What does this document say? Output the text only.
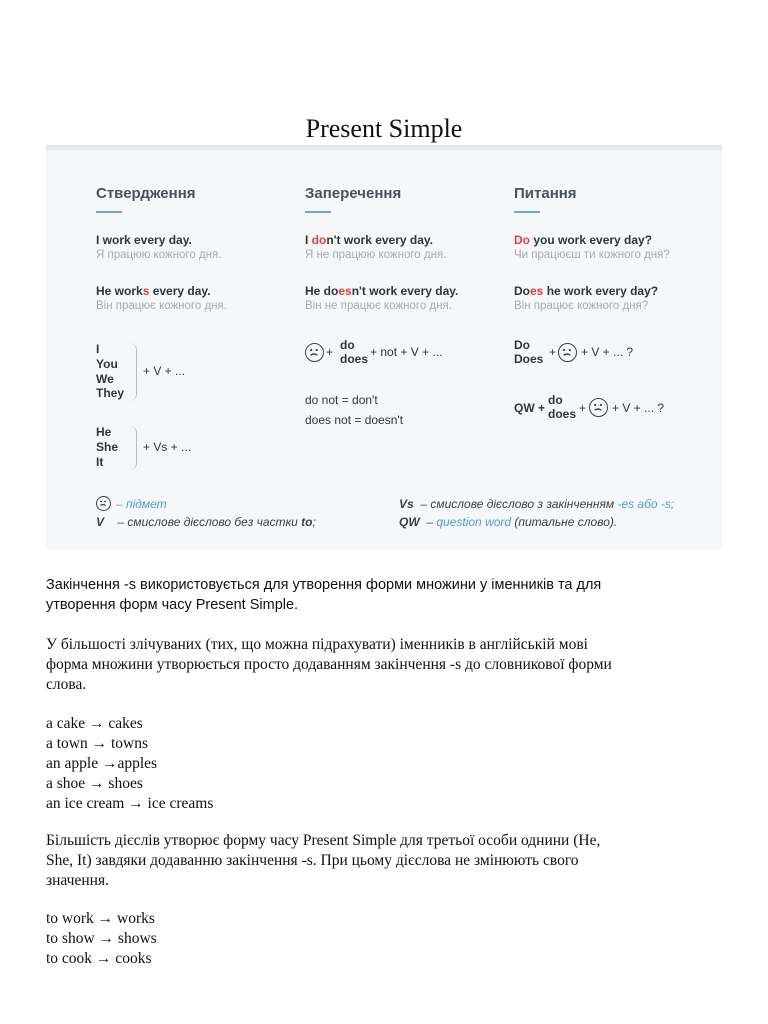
Present Simple
Ствердження
I work every day.
Я працюю кожного дня.
He works every day.
Він працює кожного дня.
I
You
We
They
+ V + ...
He
She
It
+ Vs + ...
Заперечення
I don't work every day.
Я не працюю кожного дня.
He doesn't work every day.
Він не працює кожного дня.
+ do
does + not + V + ...
do not = don't
does not = doesn't
Питання
Do you work every day?
Чи працюєш ти кожного дня?
Does he work every day?
Він працює кожного дня?
Do
Does + + V + ... ?
QW +
do
does + + V + ... ?
– підмет
V – смислове дієслово без частки to;
Vs – смислове дієслово з закінченням -es або -s;
QW – question word (питальне слово).
Закінчення -s використовується для утворення форми множини у іменників та для
утворення форм часу Present Simple.
У більшості злічуваних (тих, що можна підрахувати) іменників в англійській мові
форма множини утворюється просто додаванням закінчення -s до словникової форми
слова.
a cake → cakes
a town → towns
an apple →apples
a shoe → shoes
an ice cream → ice creams
Більшість дієслів утворює форму часу Present Simple для третьої особи однини (He,
She, It) завдяки додаванню закінчення -s. При цьому дієслова не змінюють свого
значення.
to work → works
to show → shows
to cook → cooks
